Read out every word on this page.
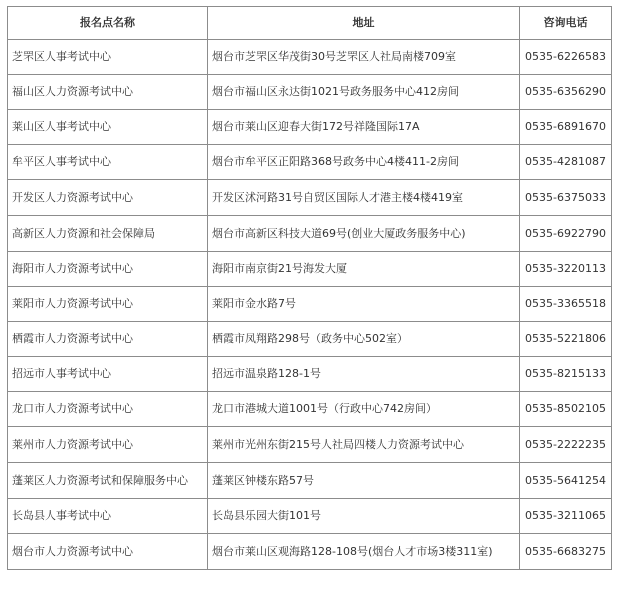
报名点名称	地址	咨询电话
芝罘区人事考试中心	烟台市芝罘区华茂街30号芝罘区人社局南楼709室	0535-6226583
福山区人力资源考试中心	烟台市福山区永达街1021号政务服务中心412房间	0535-6356290
莱山区人事考试中心	烟台市莱山区迎春大街172号祥隆国际17A	0535-6891670
牟平区人事考试中心	烟台市牟平区正阳路368号政务中心4楼411-2房间	0535-4281087
开发区人力资源考试中心	开发区沭河路31号自贸区国际人才港主楼4楼419室	0535-6375033
高新区人力资源和社会保障局	烟台市高新区科技大道69号(创业大厦政务服务中心)	0535-6922790
海阳市人力资源考试中心	海阳市南京街21号海发大厦	0535-3220113
莱阳市人力资源考试中心	莱阳市金水路7号	0535-3365518
栖霞市人力资源考试中心	栖霞市凤翔路298号（政务中心502室）	0535-5221806
招远市人事考试中心	招远市温泉路128-1号	0535-8215133
龙口市人力资源考试中心	龙口市港城大道1001号（行政中心742房间）	0535-8502105
莱州市人力资源考试中心	莱州市光州东街215号人社局四楼人力资源考试中心	0535-2222235
蓬莱区人力资源考试和保障服务中心	蓬莱区钟楼东路57号	0535-5641254
长岛县人事考试中心	长岛县乐园大街101号	0535-3211065
烟台市人力资源考试中心	烟台市莱山区观海路128-108号(烟台人才市场3楼311室)	0535-6683275
